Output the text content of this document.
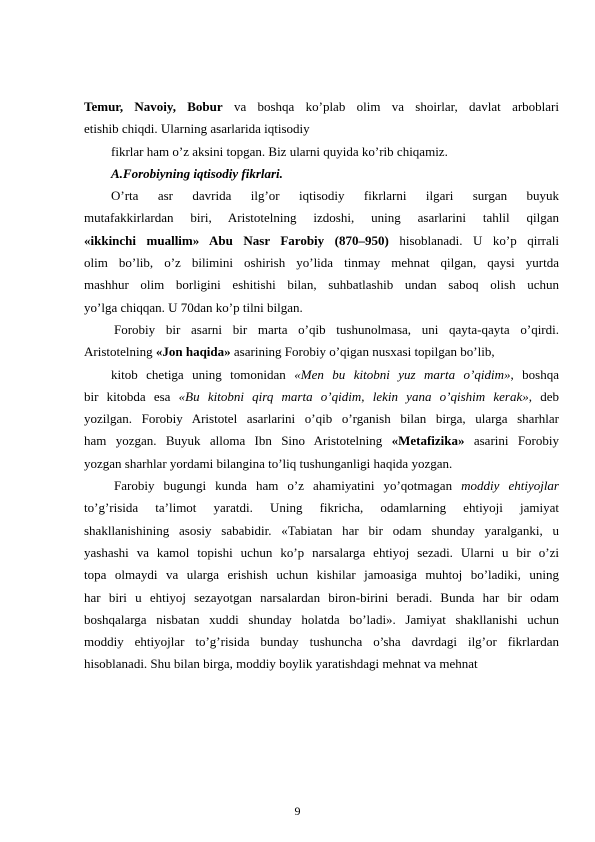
Temur, Navoiy, Bobur va boshqa ko’plab olim va shoirlar, davlat arboblari
etishib chiqdi. Ularning asarlarida iqtisodiy
fikrlar ham o’z aksini topgan. Biz ularni quyida ko’rib chiqamiz.
A.Forobiyning iqtisodiy fikrlari.
O’rta asr davrida ilg’or iqtisodiy fikrlarni ilgari surgan buyuk
mutafakkirlardan biri, Aristotelning izdoshi, uning asarlarini tahlil qilgan
«ikkinchi muallim» Abu Nasr Farobiy (870–950) hisoblanadi. U ko’p qirrali
olim bo’lib, o’z bilimini oshirish yo’lida tinmay mehnat qilgan, qaysi yurtda
mashhur olim borligini eshitishi bilan, suhbatlashib undan saboq olish uchun
yo’lga chiqqan. U 70dan ko’p tilni bilgan.
Forobiy bir asarni bir marta o’qib tushunolmasa, uni qayta-qayta o’qirdi.
Aristotelning «Jon haqida» asarining Forobiy o’qigan nusxasi topilgan bo’lib,
kitob chetiga uning tomonidan «Men bu kitobni yuz marta o’qidim», boshqa
bir kitobda esa «Bu kitobni qirq marta o’qidim, lekin yana o’qishim kerak», deb
yozilgan. Forobiy Aristotel asarlarini o’qib o’rganish bilan birga, ularga sharhlar
ham yozgan. Buyuk alloma Ibn Sino Aristotelning «Metafizika» asarini Forobiy
yozgan sharhlar yordami bilangina to’liq tushunganligi haqida yozgan.
Farobiy bugungi kunda ham o’z ahamiyatini yo’qotmagan moddiy ehtiyojlar
to’g’risida ta’limot yaratdi. Uning fikricha, odamlarning ehtiyoji jamiyat
shakllanishining asosiy sababidir. «Tabiatan har bir odam shunday yaralganki, u
yashashi va kamol topishi uchun ko’p narsalarga ehtiyoj sezadi. Ularni u bir o’zi
topa olmaydi va ularga erishish uchun kishilar jamoasiga muhtoj bo’ladiki, uning
har biri u ehtiyoj sezayotgan narsalardan biron-birini beradi. Bunda har bir odam
boshqalarga nisbatan xuddi shunday holatda bo’ladi». Jamiyat shakllanishi uchun
moddiy ehtiyojlar to’g’risida bunday tushuncha o’sha davrdagi ilg’or fikrlardan
hisoblanadi. Shu bilan birga, moddiy boylik yaratishdagi mehnat va mehnat
9
